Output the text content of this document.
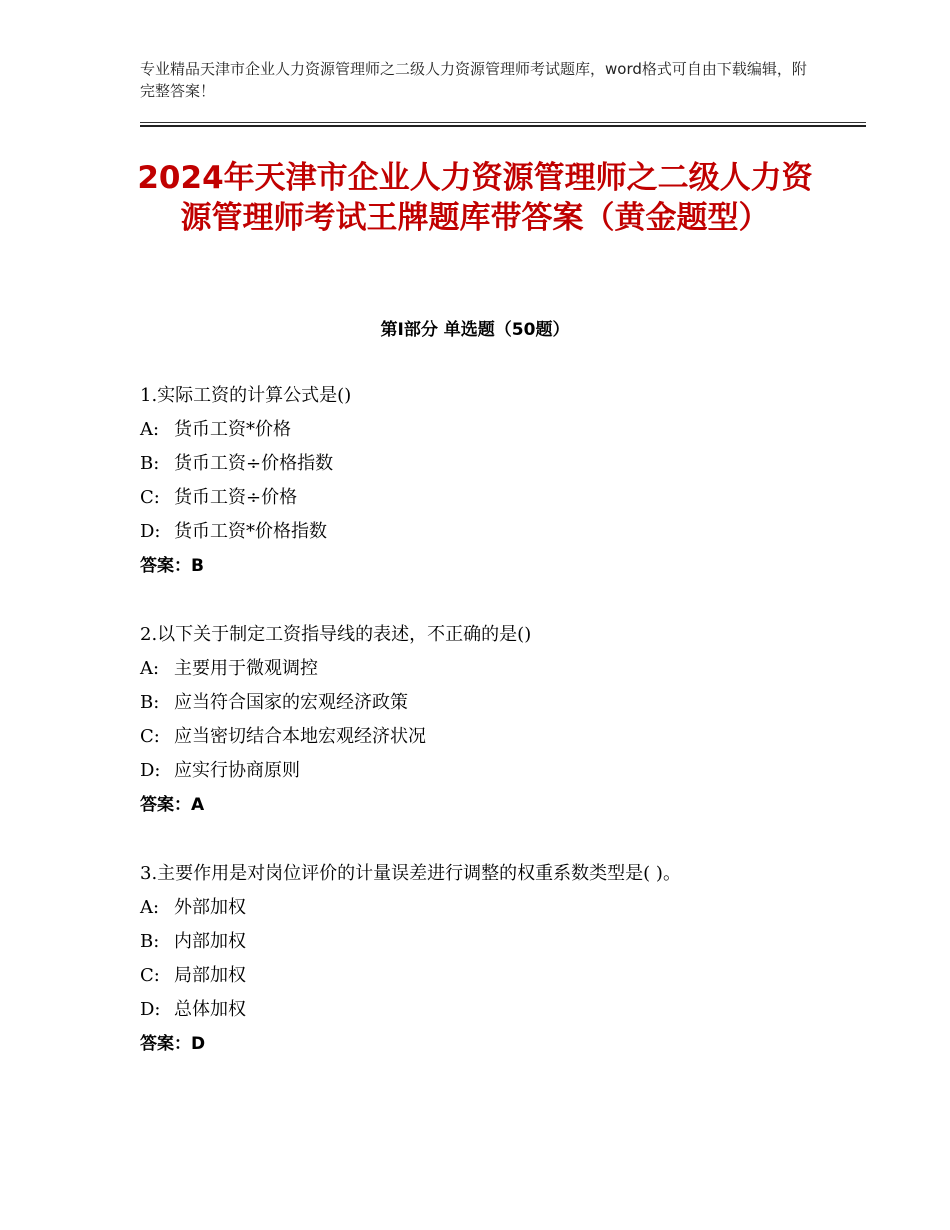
专业精品天津市企业人力资源管理师之二级人力资源管理师考试题库，word格式可自由下载编辑，附完整答案！
2024年天津市企业人力资源管理师之二级人力资源管理师考试王牌题库带答案（黄金题型）
第Ⅰ部分 单选题（50题）
1.实际工资的计算公式是()
A: 货币工资*价格
B: 货币工资÷价格指数
C: 货币工资÷价格
D: 货币工资*价格指数
答案：B
2.以下关于制定工资指导线的表述，不正确的是()
A: 主要用于微观调控
B: 应当符合国家的宏观经济政策
C: 应当密切结合本地宏观经济状况
D: 应实行协商原则
答案：A
3.主要作用是对岗位评价的计量误差进行调整的权重系数类型是( )。
A: 外部加权
B: 内部加权
C: 局部加权
D: 总体加权
答案：D
